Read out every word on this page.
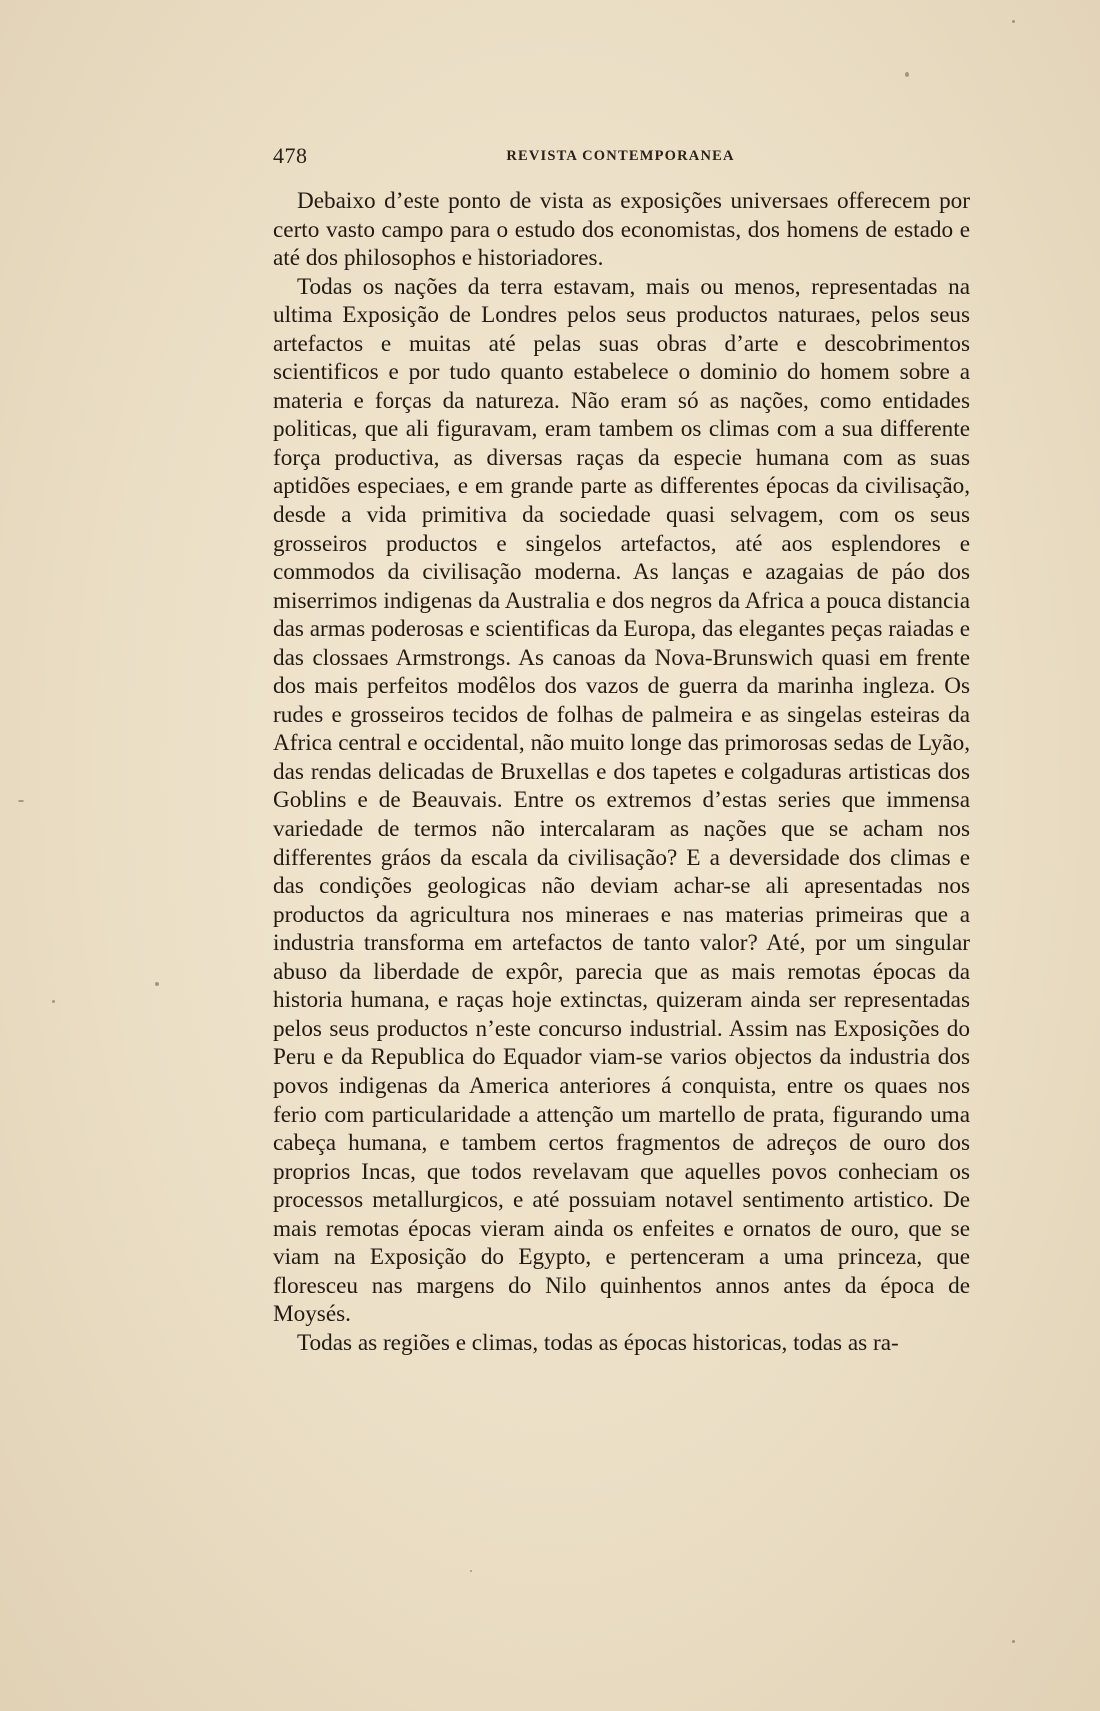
478	REVISTA CONTEMPORANEA

Debaixo d’este ponto de vista as exposições universaes offerecem por certo vasto campo para o estudo dos economistas, dos homens de estado e até dos philosophos e historiadores.

Todas os nações da terra estavam, mais ou menos, representadas na ultima Exposição de Londres pelos seus productos naturaes, pelos seus artefactos e muitas até pelas suas obras d’arte e descobrimentos scientificos e por tudo quanto estabelece o dominio do homem sobre a materia e forças da natureza. Não eram só as nações, como entidades politicas, que ali figuravam, eram tambem os climas com a sua differente força productiva, as diversas raças da especie humana com as suas aptidões especiaes, e em grande parte as differentes épocas da civilisação, desde a vida primitiva da sociedade quasi selvagem, com os seus grosseiros productos e singelos artefactos, até aos esplendores e commodos da civilisação moderna. As lanças e azagaias de páo dos miserrimos indigenas da Australia e dos negros da Africa a pouca distancia das armas poderosas e scientificas da Europa, das elegantes peças raiadas e das clossaes Armstrongs. As canoas da Nova-Brunswich quasi em frente dos mais perfeitos modêlos dos vazos de guerra da marinha ingleza. Os rudes e grosseiros tecidos de folhas de palmeira e as singelas esteiras da Africa central e occidental, não muito longe das primorosas sedas de Lyão, das rendas delicadas de Bruxellas e dos tapetes e colgaduras artisticas dos Goblins e de Beauvais. Entre os extremos d’estas series que immensa variedade de termos não intercalaram as nações que se acham nos differentes gráos da escala da civilisação? E a deversidade dos climas e das condições geologicas não deviam achar-se ali apresentadas nos productos da agricultura nos mineraes e nas materias primeiras que a industria transforma em artefactos de tanto valor? Até, por um singular abuso da liberdade de expôr, parecia que as mais remotas épocas da historia humana, e raças hoje extinctas, quizeram ainda ser representadas pelos seus productos n’este concurso industrial. Assim nas Exposições do Peru e da Republica do Equador viam-se varios objectos da industria dos povos indigenas da America anteriores á conquista, entre os quaes nos ferio com particularidade a attenção um martello de prata, figurando uma cabeça humana, e tambem certos fragmentos de adreços de ouro dos proprios Incas, que todos revelavam que aquelles povos conheciam os processos metallurgicos, e até possuiam notavel sentimento artistico. De mais remotas épocas vieram ainda os enfeites e ornatos de ouro, que se viam na Exposição do Egypto, e pertenceram a uma princeza, que floresceu nas margens do Nilo quinhentos annos antes da época de Moysés.

Todas as regiões e climas, todas as épocas historicas, todas as ra-
